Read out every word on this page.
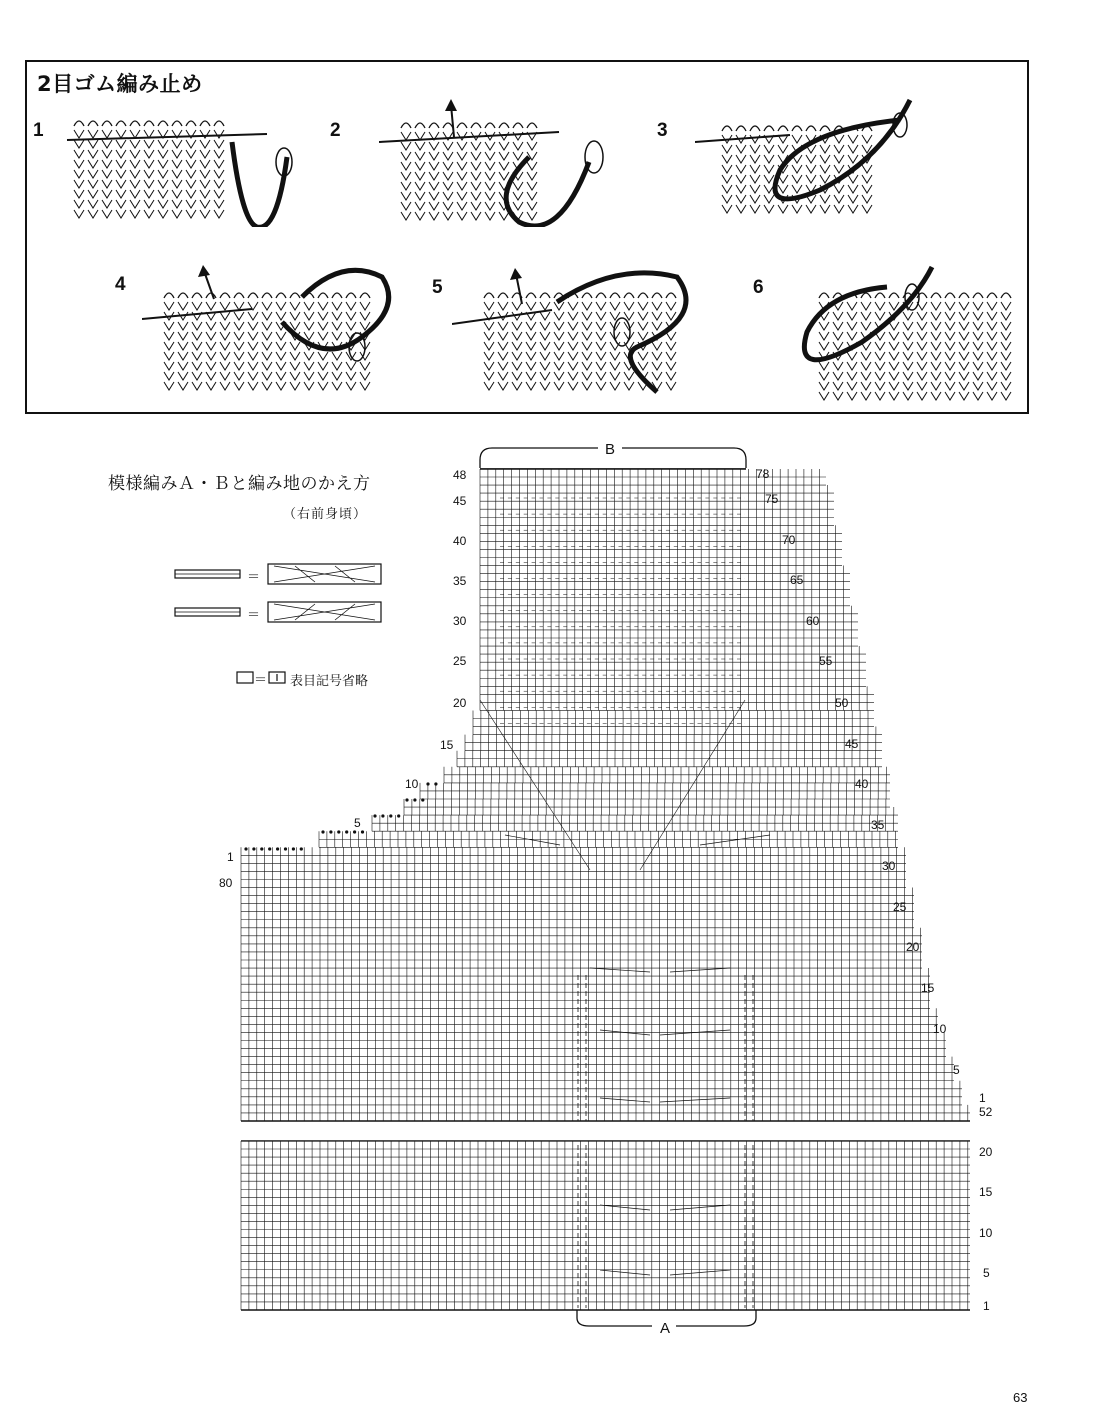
2目ゴム編み止め
1	2	3
4	5	6
模様編みＡ・Ｂと編み地のかえ方
（右前身頃）
＝
＝
＝ 表目記号省略
B
A
63
48
45
40
35
30
25
20
15
10
5
1
80
78
75
70
65
60
55
50
45
40
35
30
25
20
15
10
5
1
52
20
15
10
5
1
